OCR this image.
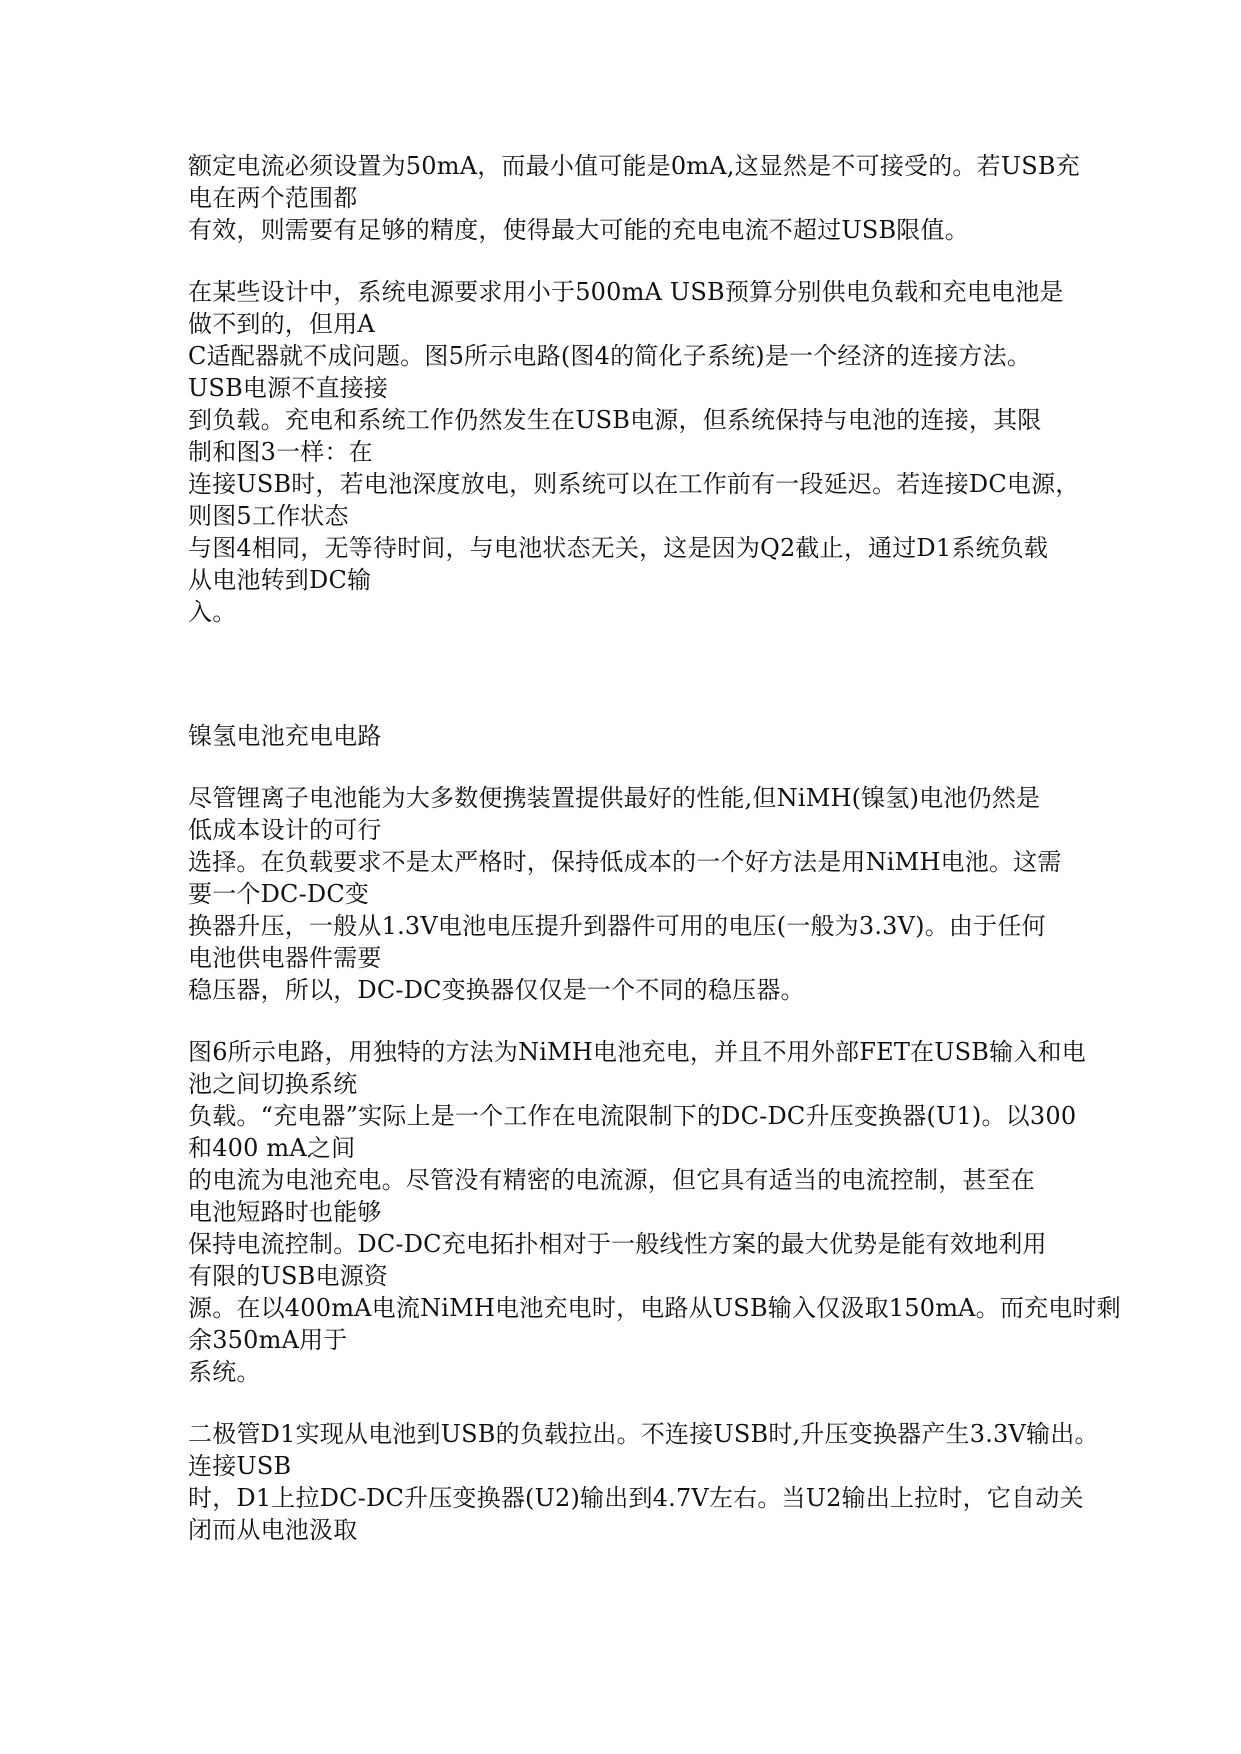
额定电流必须设置为50mA，而最小值可能是0mA,这显然是不可接受的。若USB充
电在两个范围都
有效，则需要有足够的精度，使得最大可能的充电电流不超过USB限值。
在某些设计中，系统电源要求用小于500mA USB预算分别供电负载和充电电池是
做不到的，但用A
C适配器就不成问题。图5所示电路(图4的简化子系统)是一个经济的连接方法。
USB电源不直接接
到负载。充电和系统工作仍然发生在USB电源，但系统保持与电池的连接，其限
制和图3一样：在
连接USB时，若电池深度放电，则系统可以在工作前有一段延迟。若连接DC电源，
则图5工作状态
与图4相同，无等待时间，与电池状态无关，这是因为Q2截止，通过D1系统负载
从电池转到DC输
入。
镍氢电池充电电路
尽管锂离子电池能为大多数便携装置提供最好的性能,但NiMH(镍氢)电池仍然是
低成本设计的可行
选择。在负载要求不是太严格时，保持低成本的一个好方法是用NiMH电池。这需
要一个DC-DC变
换器升压，一般从1.3V电池电压提升到器件可用的电压(一般为3.3V)。由于任何
电池供电器件需要
稳压器，所以，DC-DC变换器仅仅是一个不同的稳压器。
图6所示电路，用独特的方法为NiMH电池充电，并且不用外部FET在USB输入和电
池之间切换系统
负载。“充电器”实际上是一个工作在电流限制下的DC-DC升压变换器(U1)。以300
和400 mA之间
的电流为电池充电。尽管没有精密的电流源，但它具有适当的电流控制，甚至在
电池短路时也能够
保持电流控制。DC-DC充电拓扑相对于一般线性方案的最大优势是能有效地利用
有限的USB电源资
源。在以400mA电流NiMH电池充电时，电路从USB输入仅汲取150mA。而充电时剩
余350mA用于
系统。
二极管D1实现从电池到USB的负载拉出。不连接USB时,升压变换器产生3.3V输出。
连接USB
时，D1上拉DC-DC升压变换器(U2)输出到4.7V左右。当U2输出上拉时，它自动关
闭而从电池汲取
